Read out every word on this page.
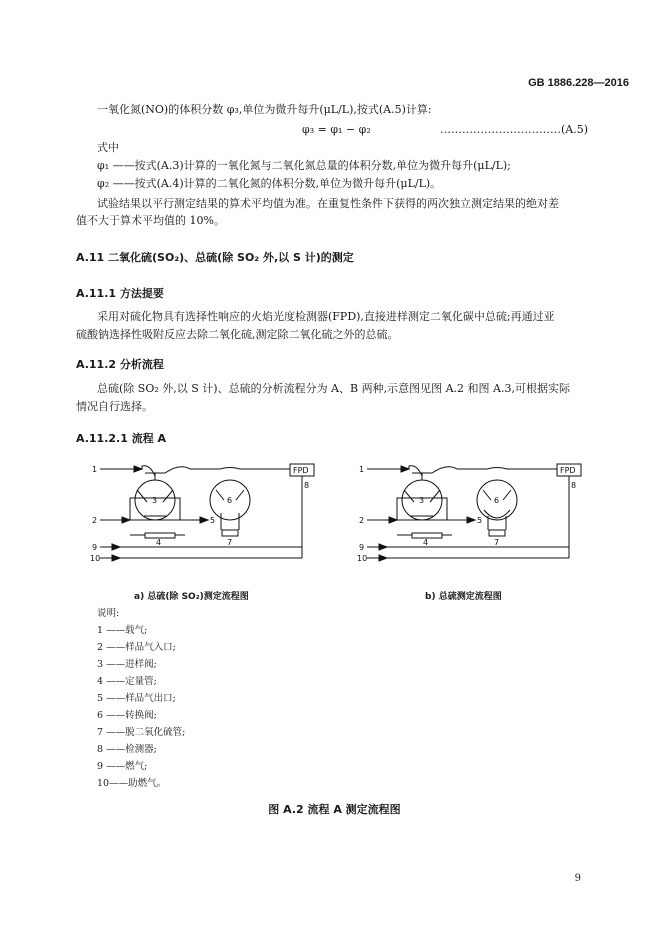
GB 1886.228—2016
一氧化氮(NO)的体积分数 φ₃,单位为微升每升(μL/L),按式(A.5)计算:
φ₃ = φ₁ − φ₂	……………………………(A.5)
式中
φ₁ ——按式(A.3)计算的一氧化氮与二氧化氮总量的体积分数,单位为微升每升(μL/L);
φ₂ ——按式(A.4)计算的二氧化氮的体积分数,单位为微升每升(μL/L)。
试验结果以平行测定结果的算术平均值为准。在重复性条件下获得的两次独立测定结果的绝对差
值不大于算术平均值的 10%。
A.11 二氧化硫(SO₂)、总硫(除 SO₂ 外,以 S 计)的测定
A.11.1 方法提要
采用对硫化物具有选择性响应的火焰光度检测器(FPD),直接进样测定二氧化碳中总硫;再通过亚
硫酸钠选择性吸附反应去除二氧化硫,测定除二氧化硫之外的总硫。
A.11.2 分析流程
总硫(除 SO₂ 外,以 S 计)、总硫的分析流程分为 A、B 两种,示意图见图 A.2 和图 A.3,可根据实际
情况自行选择。
A.11.2.1 流程 A
1
2
3
4
5
6
7
8
FPD
9
10
1
2
3
4
5
6
7
8
FPD
9
10
a) 总硫(除 SO₂)测定流程图	b) 总硫测定流程图
说明:
1 ——载气;
2 ——样品气入口;
3 ——进样阀;
4 ——定量管;
5 ——样品气出口;
6 ——转换阀;
7 ——脱二氧化硫管;
8 ——检测器;
9 ——燃气;
10——助燃气。
图 A.2 流程 A 测定流程图
9
